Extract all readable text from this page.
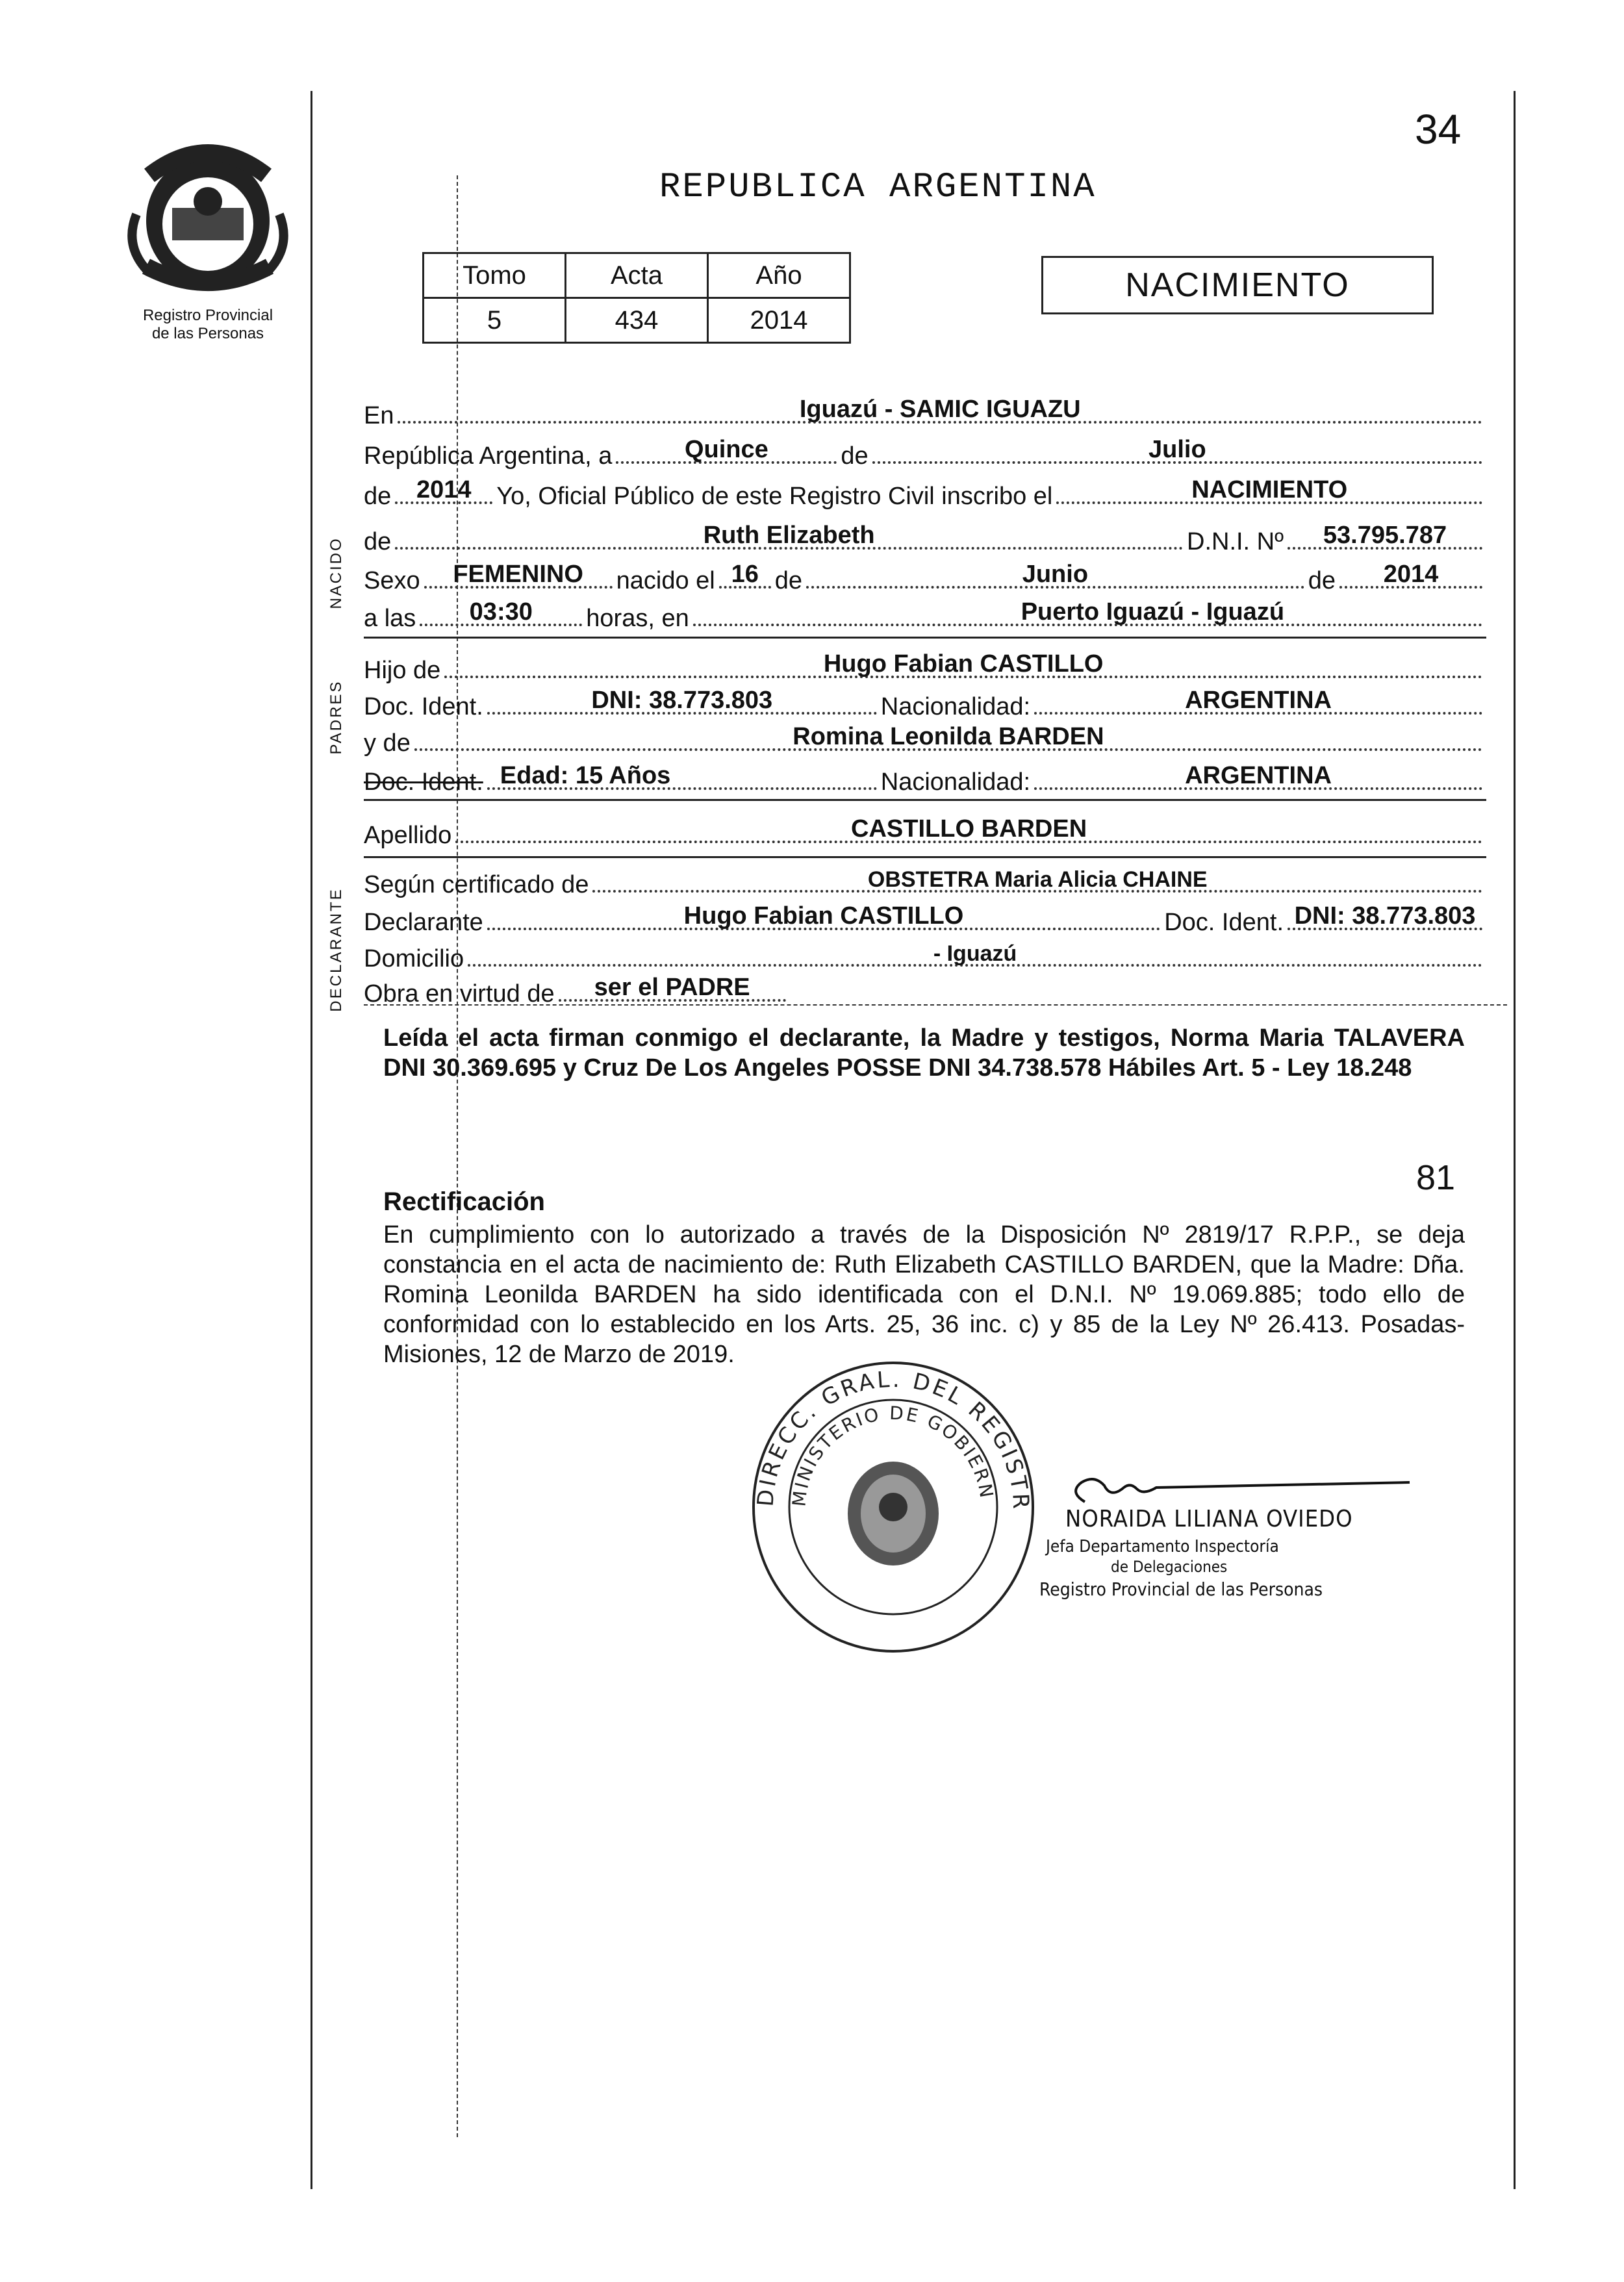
Registro Provincial
de las Personas
34
REPUBLICA ARGENTINA
Tomo	Acta	Año
5	434	2014
NACIMIENTO
NACIDO
PADRES
DECLARANTE
En	Iguazú - SAMIC IGUAZU
República Argentina, a	Quince	de	Julio
de	2014	Yo, Oficial Público de este Registro Civil inscribo el	NACIMIENTO
de	Ruth Elizabeth	D.N.I. Nº	53.795.787
Sexo	FEMENINO	nacido el 16 de	Junio	de	2014
a las	03:30	horas, en	Puerto Iguazú - Iguazú
Hijo de	Hugo Fabian CASTILLO
Doc. Ident.	DNI: 38.773.803	Nacionalidad:	ARGENTINA
y de	Romina Leonilda BARDEN
Doc. Ident. Edad: 15 Años	Nacionalidad:	ARGENTINA
Apellido	CASTILLO BARDEN
Según certificado de	OBSTETRA Maria Alicia CHAINE
Declarante	Hugo Fabian CASTILLO	Doc. Ident. DNI: 38.773.803
Domicilio	- Iguazú
Obra en virtud de	ser el PADRE
Leída el acta firman conmigo el declarante, la Madre y testigos, Norma Maria TALAVERA DNI 30.369.695 y Cruz De Los Angeles POSSE DNI 34.738.578 Hábiles Art. 5 - Ley 18.248
81
Rectificación
En cumplimiento con lo autorizado a través de la Disposición Nº 2819/17 R.P.P., se deja constancia en el acta de nacimiento de: Ruth Elizabeth CASTILLO BARDEN, que la Madre: Dña. Romina Leonilda BARDEN ha sido identificada con el D.N.I. Nº 19.069.885; todo ello de conformidad con lo establecido en los Arts. 25, 36 inc. c) y 85 de la Ley Nº 26.413. Posadas- Misiones, 12 de Marzo de 2019.
DIRECC. GRAL. DEL REGISTR
MINISTERIO DE GOBIERN
NORAIDA LILIANA OVIEDO
Jefa Departamento Inspectoría
de Delegaciones
Registro Provincial de las Personas
